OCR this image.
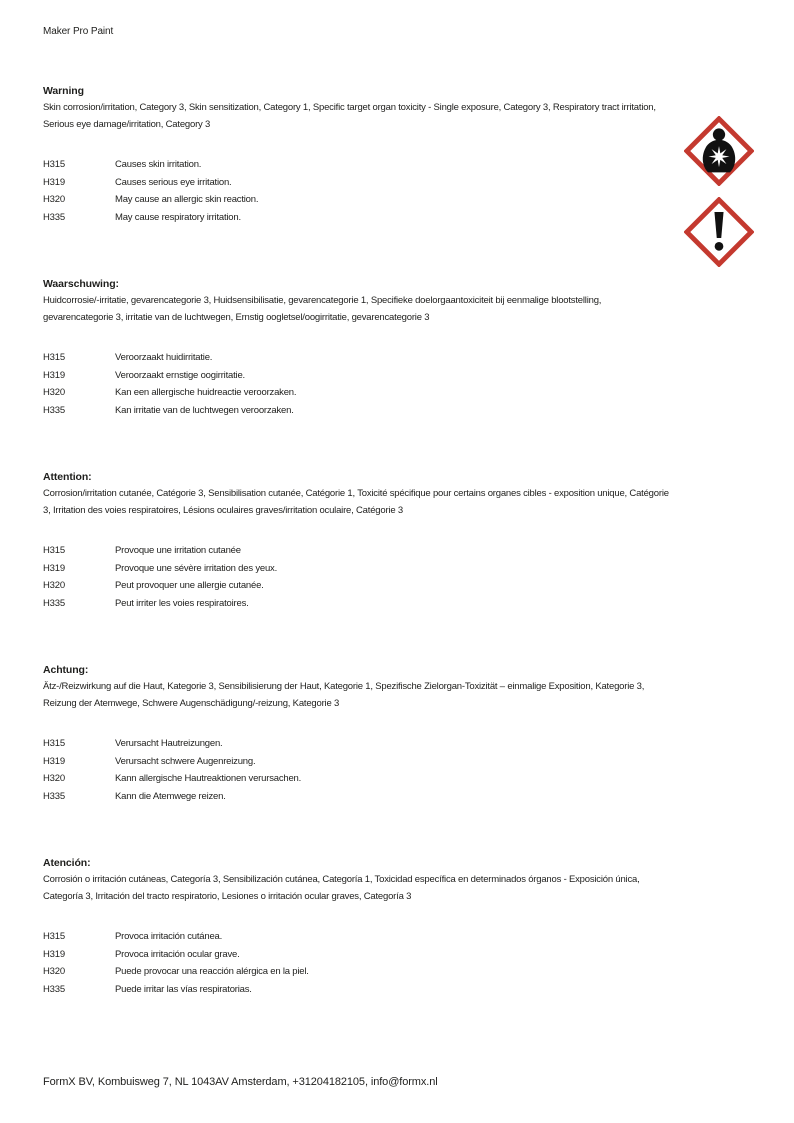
Maker Pro Paint
Warning

Skin corrosion/irritation, Category 3, Skin sensitization, Category 1, Specific target organ toxicity - Single exposure, Category 3, Respiratory tract irritation, Serious eye damage/irritation, Category 3

H315	Causes skin irritation.
H319	Causes serious eye irritation.
H320	May cause an allergic skin reaction.
H335	May cause respiratory irritation.
Waarschuwing:

Huidcorrosie/-irritatie, gevarencategorie 3, Huidsensibilisatie, gevarencategorie 1, Specifieke doelorgaantoxiciteit bij eenmalige blootstelling, gevarencategorie 3, irritatie van de luchtwegen, Ernstig oogletsel/oogirritatie, gevarencategorie 3

H315	Veroorzaakt huidirritatie.
H319	Veroorzaakt ernstige oogirritatie.
H320	Kan een allergische huidreactie veroorzaken.
H335	Kan irritatie van de luchtwegen veroorzaken.
Attention:

Corrosion/irritation cutanée, Catégorie 3, Sensibilisation cutanée, Catégorie 1, Toxicité spécifique pour certains organes cibles - exposition unique, Catégorie 3, Irritation des voies respiratoires, Lésions oculaires graves/irritation oculaire, Catégorie 3

H315	Provoque une irritation cutanée
H319	Provoque une sévère irritation des yeux.
H320	Peut provoquer une allergie cutanée.
H335	Peut irriter les voies respiratoires.
Achtung:

Ätz-/Reizwirkung auf die Haut, Kategorie 3, Sensibilisierung der Haut, Kategorie 1, Spezifische Zielorgan-Toxizität – einmalige Exposition, Kategorie 3, Reizung der Atemwege, Schwere Augenschädigung/-reizung, Kategorie 3

H315	Verursacht Hautreizungen.
H319	Verursacht schwere Augenreizung.
H320	Kann allergische Hautreaktionen verursachen.
H335	Kann die Atemwege reizen.
Atención:

Corrosión o irritación cutáneas, Categoría 3, Sensibilización cutánea, Categoría 1, Toxicidad específica en determinados órganos - Exposición única, Categoría 3, Irritación del tracto respiratorio, Lesiones o irritación ocular graves, Categoría 3

H315	Provoca irritación cutánea.
H319	Provoca irritación ocular grave.
H320	Puede provocar una reacción alérgica en la piel.
H335	Puede irritar las vías respiratorias.
FormX BV, Kombuisweg 7, NL 1043AV Amsterdam, +31204182105, info@formx.nl
